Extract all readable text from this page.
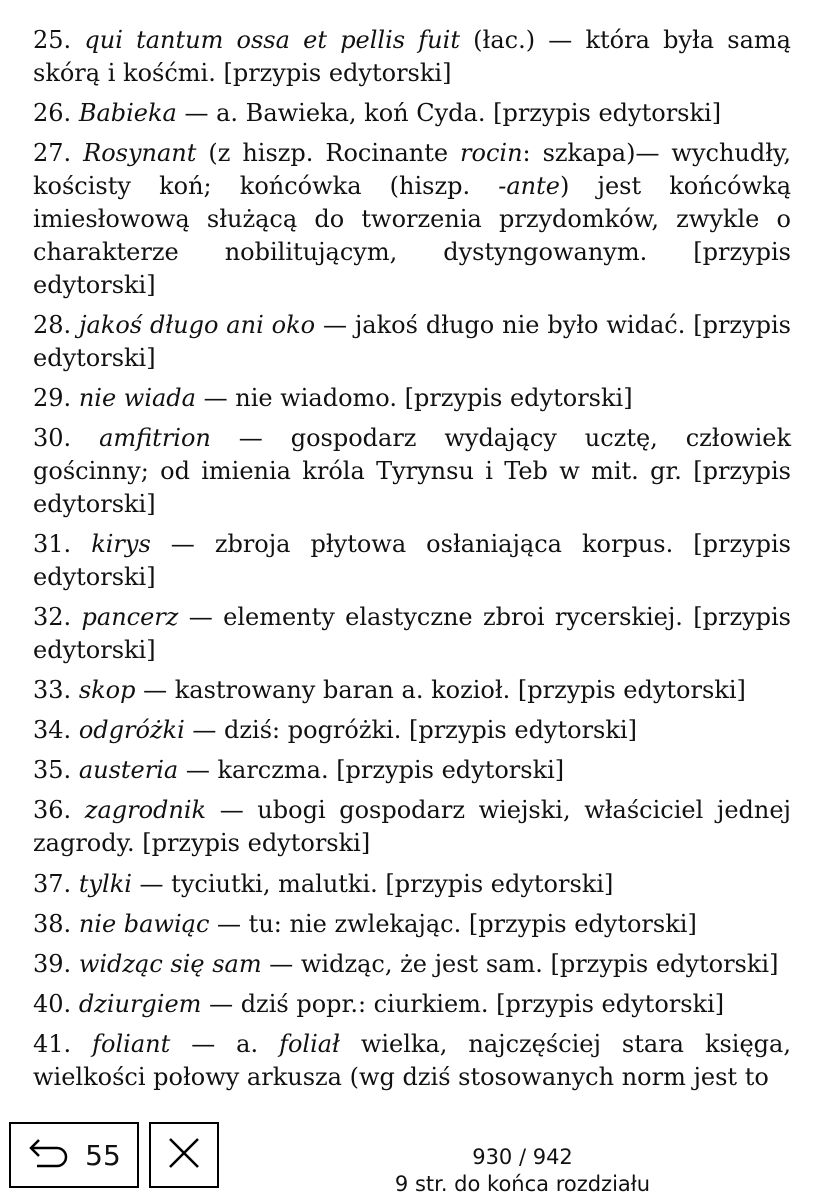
25. qui tantum ossa et pellis fuit (łac.) — która była samą skórą i kośćmi. [przypis edytorski]

26. Babieka — a. Bawieka, koń Cyda. [przypis edytorski]

27. Rosynant (z hiszp. Rocinante rocin: szkapa)— wychudły, kościsty koń; końcówka (hiszp. -ante) jest końcówką imiesłowową służącą do tworzenia przydomków, zwykle o charakterze nobilitującym, dystyngowanym. [przypis edytorski]

28. jakoś długo ani oko — jakoś długo nie było widać. [przypis edytorski]

29. nie wiada — nie wiadomo. [przypis edytorski]

30. amfitrion — gospodarz wydający ucztę, człowiek gościnny; od imienia króla Tyrynsu i Teb w mit. gr. [przypis edytorski]

31. kirys — zbroja płytowa osłaniająca korpus. [przypis edytorski]

32. pancerz — elementy elastyczne zbroi rycerskiej. [przypis edytorski]

33. skop — kastrowany baran a. kozioł. [przypis edytorski]

34. odgróżki — dziś: pogróżki. [przypis edytorski]

35. austeria — karczma. [przypis edytorski]

36. zagrodnik — ubogi gospodarz wiejski, właściciel jednej zagrody. [przypis edytorski]

37. tylki — tyciutki, malutki. [przypis edytorski]

38. nie bawiąc — tu: nie zwlekając. [przypis edytorski]

39. widząc się sam — widząc, że jest sam. [przypis edytorski]

40. dziurgiem — dziś popr.: ciurkiem. [przypis edytorski]

41. foliant — a. foliał wielka, najczęściej stara księga, wielkości połowy arkusza (wg dziś stosowanych norm jest to

55	930 / 942
9 str. do końca rozdziału
